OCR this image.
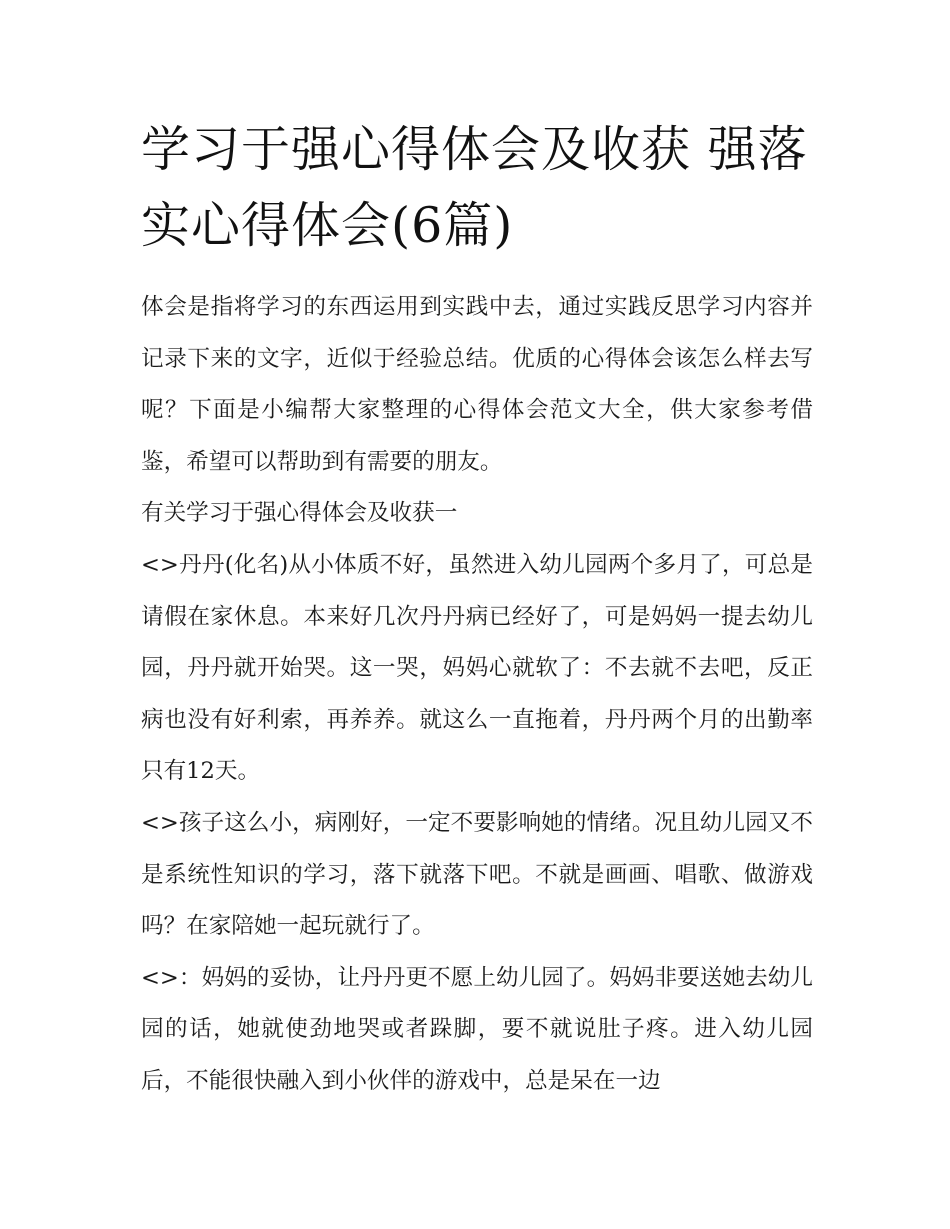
学习于强心得体会及收获 强落实心得体会(6篇)

体会是指将学习的东西运用到实践中去，通过实践反思学习内容并记录下来的文字，近似于经验总结。优质的心得体会该怎么样去写呢？下面是小编帮大家整理的心得体会范文大全，供大家参考借鉴，希望可以帮助到有需要的朋友。

有关学习于强心得体会及收获一

<>丹丹(化名)从小体质不好，虽然进入幼儿园两个多月了，可总是请假在家休息。本来好几次丹丹病已经好了，可是妈妈一提去幼儿园，丹丹就开始哭。这一哭，妈妈心就软了：不去就不去吧，反正病也没有好利索，再养养。就这么一直拖着，丹丹两个月的出勤率只有12天。

<>孩子这么小，病刚好，一定不要影响她的情绪。况且幼儿园又不是系统性知识的学习，落下就落下吧。不就是画画、唱歌、做游戏吗？在家陪她一起玩就行了。

<>：妈妈的妥协，让丹丹更不愿上幼儿园了。妈妈非要送她去幼儿园的话，她就使劲地哭或者跺脚，要不就说肚子疼。进入幼儿园后，不能很快融入到小伙伴的游戏中，总是呆在一边
